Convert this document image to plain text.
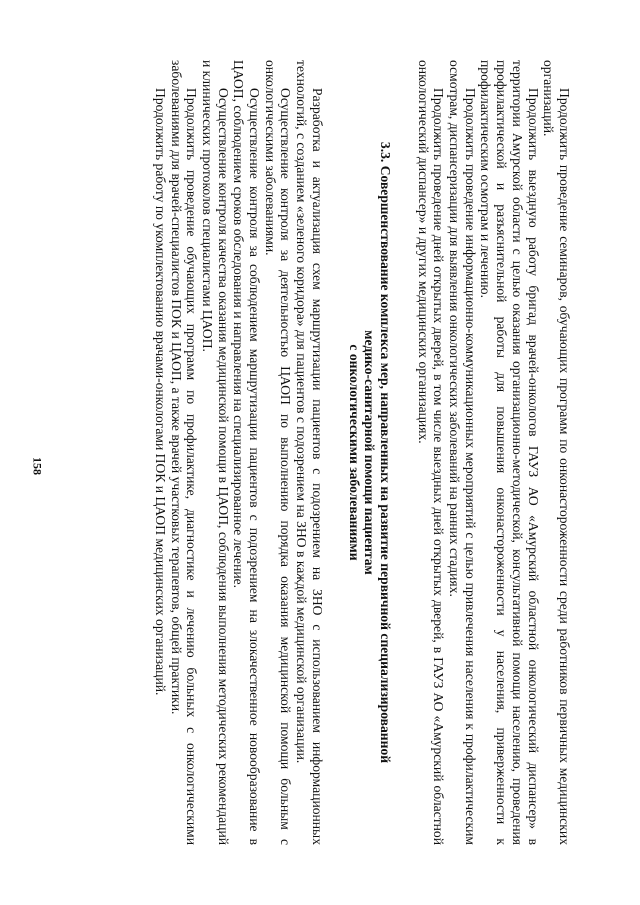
158	Продолжить проведение семинаров, обучающих программ по онконастороженности среди работников первичных медицинских организаций.

Продолжить выездную работу бригад врачей-онкологов ГАУЗ АО «Амурский областной онкологический диспансер» в территории Амурской области с целью оказания организационно-методической, консультативной помощи населению, проведения профилактической и разъяснительной работы для повышения онконастороженности у населения, приверженности к профилактическим осмотрам и лечению.

Продолжить проведение информационно-коммуникационных мероприятий с целью привлечения населения к профилактическим осмотрам, диспансеризации для выявления онкологических заболеваний на ранних стадиях.

Продолжить проведение дней открытых дверей, в том числе выездных дней открытых дверей, в ГАУЗ АО «Амурский областной онкологический диспансер» и других медицинских организациях.

3.3. Совершенствование комплекса мер, направленных на развитие первичной специализированной
медико-санитарной помощи пациентам
с онкологическими заболеваниями

Разработка и актуализация схем маршрутизации пациентов с подозрением на ЗНО с использованием информационных технологий, с созданием «зеленого коридора» для пациентов с подозрением на ЗНО в каждой медицинской организации.

Осуществление контроля за деятельностью ЦАОП по выполнению порядка оказания медицинской помощи больным с онкологическими заболеваниями.

Осуществление контроля за соблюдением маршрутизации пациентов с подозрением на злокачественное новообразование в ЦАОП, соблюдением сроков обследования и направления на специализированное лечение.

Осуществление контроля качества оказания медицинской помощи в ЦАОП, соблюдения выполнения методических рекомендаций и клинических протоколов специалистами ЦАОП.

Продолжить проведение обучающих программ по профилактике, диагностике и лечению больных с онкологическими заболеваниями для врачей-специалистов ПОК и ЦАОП, а также врачей участковых терапевтов, общей практики.

Продолжить работу по укомплектованию врачами-онкологами ПОК и ЦАОП медицинских организаций.
